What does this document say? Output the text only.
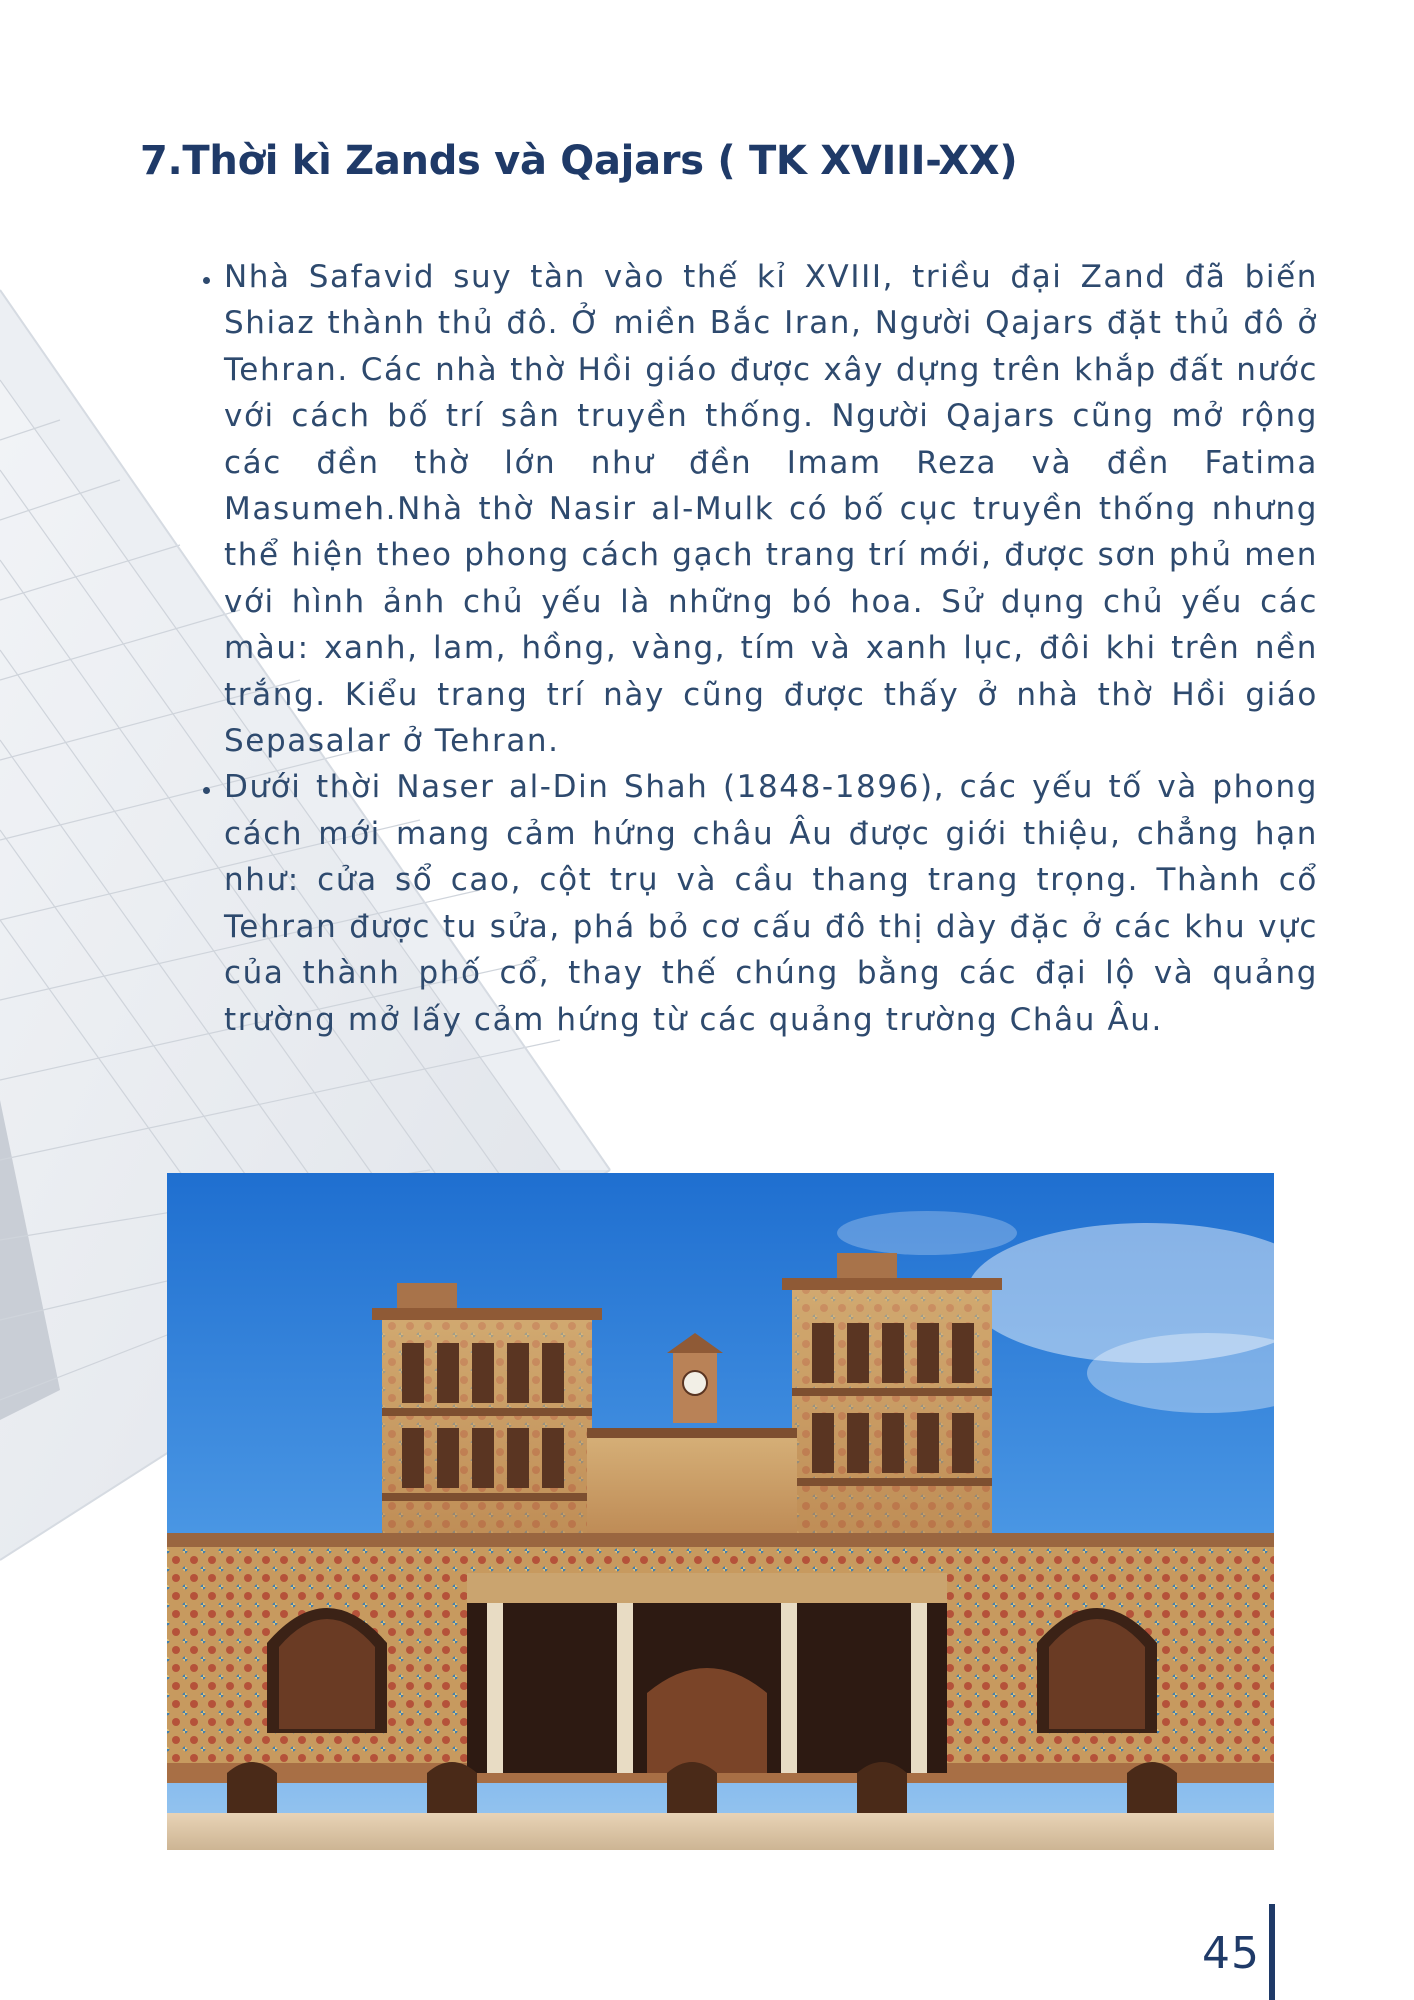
7.Thời kì Zands và Qajars ( TK XVIII-XX)
• Nhà Safavid suy tàn vào thế kỉ XVIII, triều đại Zand đã biến Shiaz thành thủ đô. Ở miền Bắc Iran, Người Qajars đặt thủ đô ở Tehran. Các nhà thờ Hồi giáo được xây dựng trên khắp đất nước với cách bố trí sân truyền thống. Người Qajars cũng mở rộng các đền thờ lớn như đền Imam Reza và đền Fatima Masumeh.Nhà thờ Nasir al-Mulk có bố cục truyền thống nhưng thể hiện theo phong cách gạch trang trí mới, được sơn phủ men với hình ảnh chủ yếu là những bó hoa. Sử dụng chủ yếu các màu: xanh, lam, hồng, vàng, tím và xanh lục, đôi khi trên nền trắng. Kiểu trang trí này cũng được thấy ở nhà thờ Hồi giáo Sepasalar ở Tehran.
• Dưới thời Naser al-Din Shah (1848-1896), các yếu tố và phong cách mới mang cảm hứng châu Âu được giới thiệu, chẳng hạn như: cửa sổ cao, cột trụ và cầu thang trang trọng. Thành cổ Tehran được tu sửa, phá bỏ cơ cấu đô thị dày đặc ở các khu vực của thành phố cổ, thay thế chúng bằng các đại lộ và quảng trường mở lấy cảm hứng từ các quảng trường Châu Âu.
45
